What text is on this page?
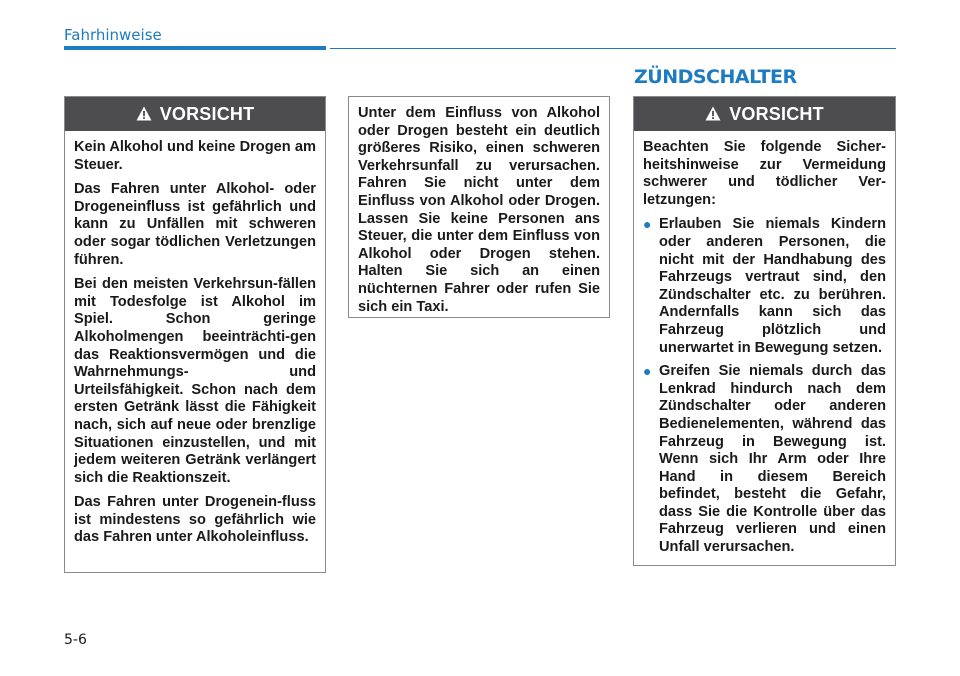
Fahrhinweise
ZÜNDSCHALTER
VORSICHT

Kein Alkohol und keine Drogen am Steuer.

Das Fahren unter Alkohol- oder Drogeneinfluss ist gefährlich und kann zu Unfällen mit schweren oder sogar tödlichen Verletzungen führen.

Bei den meisten Verkehrsun-fällen mit Todesfolge ist Alkohol im Spiel. Schon geringe Alkoholmengen beeinträchti-gen das Reaktionsvermögen und die Wahrnehmungs- und Urteilsfähigkeit. Schon nach dem ersten Getränk lässt die Fähigkeit nach, sich auf neue oder brenzlige Situationen einzustellen, und mit jedem weiteren Getränk verlängert sich die Reaktionszeit.

Das Fahren unter Drogenein-fluss ist mindestens so gefährlich wie das Fahren unter Alkoholeinfluss.

Unter dem Einfluss von Alkohol oder Drogen besteht ein deutlich größeres Risiko, einen schweren Verkehrsunfall zu verursachen. Fahren Sie nicht unter dem Einfluss von Alkohol oder Drogen. Lassen Sie keine Personen ans Steuer, die unter dem Einfluss von Alkohol oder Drogen stehen. Halten Sie sich an einen nüchternen Fahrer oder rufen Sie sich ein Taxi.

VORSICHT

Beachten Sie folgende Sicher-heitshinweise zur Vermeidung schwerer und tödlicher Ver-letzungen:

● Erlauben Sie niemals Kindern oder anderen Personen, die nicht mit der Handhabung des Fahrzeugs vertraut sind, den Zündschalter etc. zu berühren. Andernfalls kann sich das Fahrzeug plötzlich und unerwartet in Bewegung setzen.
● Greifen Sie niemals durch das Lenkrad hindurch nach dem Zündschalter oder anderen Bedienelementen, während das Fahrzeug in Bewegung ist. Wenn sich Ihr Arm oder Ihre Hand in diesem Bereich befindet, besteht die Gefahr, dass Sie die Kontrolle über das Fahrzeug verlieren und einen Unfall verursachen.
5-6
